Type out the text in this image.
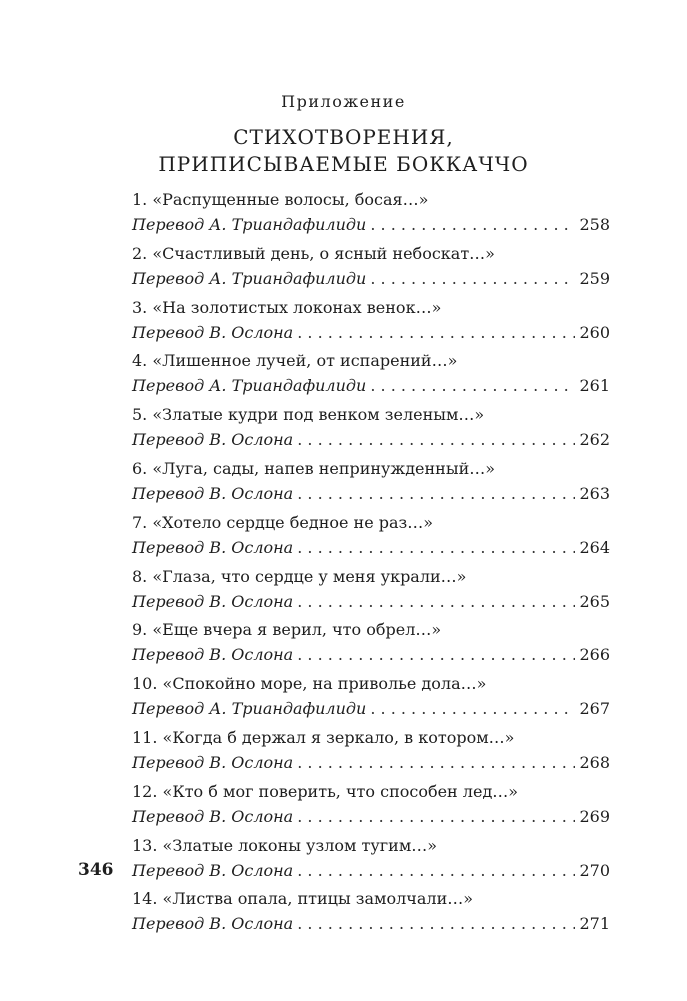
Приложение
СТИХОТВОРЕНИЯ,
ПРИПИСЫВАЕМЫЕ БОККАЧЧО
1. «Распущенные волосы, босая…»
Перевод А. Триандафилиди . . .	258
2. «Счастливый день, о ясный небоскат…»
Перевод А. Триандафилиди . . .	259
3. «На золотистых локонах венок…»
Перевод В. Ослона . . .	260
4. «Лишенное лучей, от испарений…»
Перевод А. Триандафилиди . . .	261
5. «Златые кудри под венком зеленым…»
Перевод В. Ослона . . .	262
6. «Луга, сады, напев непринужденный…»
Перевод В. Ослона . . .	263
7. «Хотело сердце бедное не раз…»
Перевод В. Ослона . . .	264
8. «Глаза, что сердце у меня украли…»
Перевод В. Ослона . . .	265
9. «Еще вчера я верил, что обрел…»
Перевод В. Ослона . . .	266
10. «Спокойно море, на приволье дола…»
Перевод А. Триандафилиди . . .	267
11. «Когда б держал я зеркало, в котором…»
Перевод В. Ослона . . .	268
12. «Кто б мог поверить, что способен лед…»
Перевод В. Ослона . . .	269
13. «Златые локоны узлом тугим…»
Перевод В. Ослона . . .	270
14. «Листва опала, птицы замолчали…»
Перевод В. Ослона . . .	271
346
